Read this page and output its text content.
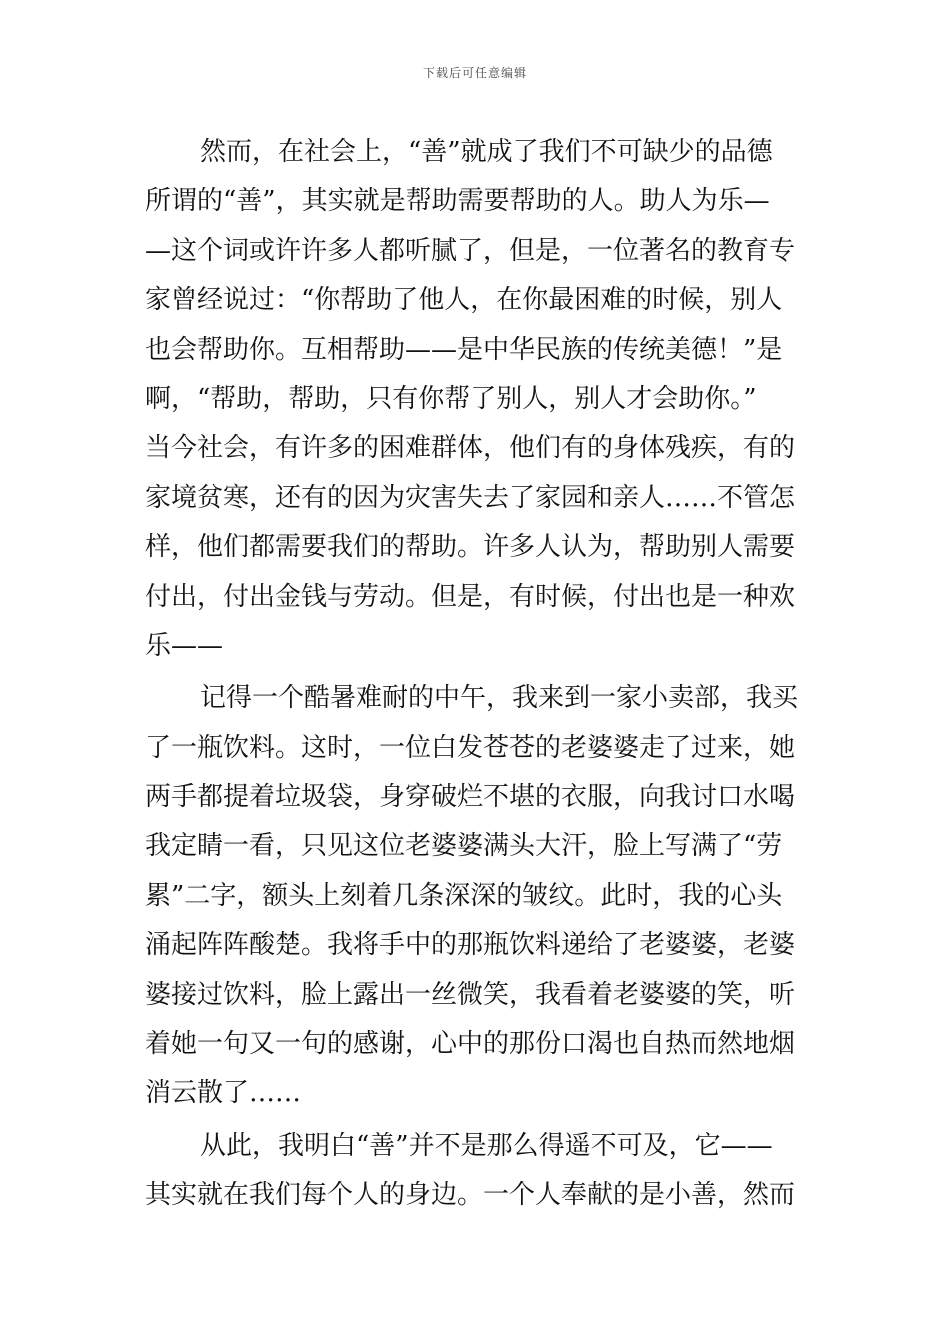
下载后可任意编辑
然而，在社会上，“善”就成了我们不可缺少的品德
所谓的“善”，其实就是帮助需要帮助的人。助人为乐—
—这个词或许许多人都听腻了，但是，一位著名的教育专
家曾经说过：“你帮助了他人，在你最困难的时候，别人
也会帮助你。互相帮助——是中华民族的传统美德！”是
啊，“帮助，帮助，只有你帮了别人，别人才会助你。”
当今社会，有许多的困难群体，他们有的身体残疾，有的
家境贫寒，还有的因为灾害失去了家园和亲人……不管怎
样，他们都需要我们的帮助。许多人认为，帮助别人需要
付出，付出金钱与劳动。但是，有时候，付出也是一种欢
乐——
记得一个酷暑难耐的中午，我来到一家小卖部，我买
了一瓶饮料。这时，一位白发苍苍的老婆婆走了过来，她
两手都提着垃圾袋，身穿破烂不堪的衣服，向我讨口水喝
我定睛一看，只见这位老婆婆满头大汗，脸上写满了“劳
累”二字，额头上刻着几条深深的皱纹。此时，我的心头
涌起阵阵酸楚。我将手中的那瓶饮料递给了老婆婆，老婆
婆接过饮料，脸上露出一丝微笑，我看着老婆婆的笑，听
着她一句又一句的感谢，心中的那份口渴也自热而然地烟
消云散了……
从此，我明白“善”并不是那么得遥不可及，它——
其实就在我们每个人的身边。一个人奉献的是小善，然而
